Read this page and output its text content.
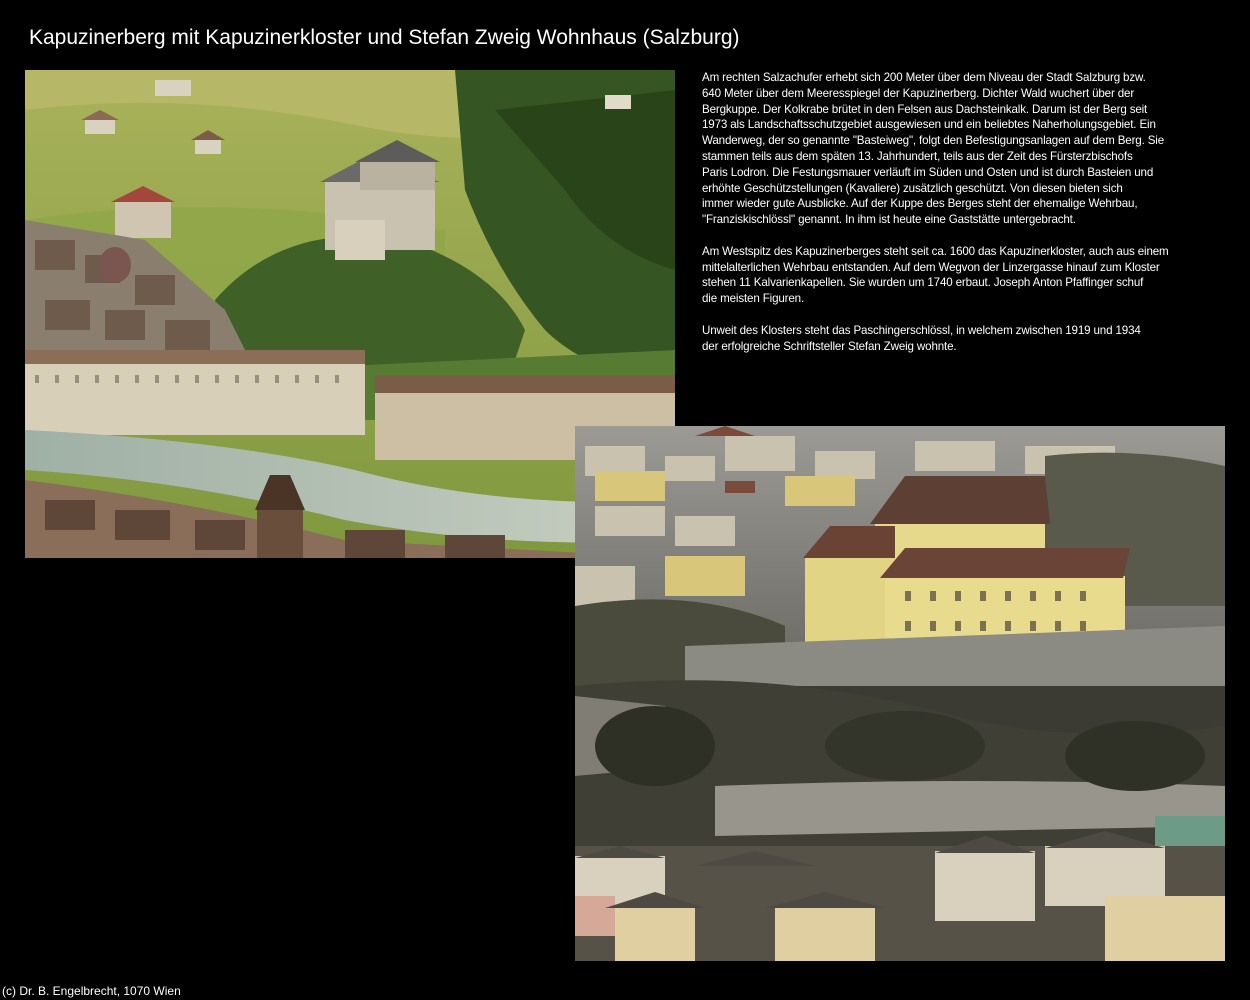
Kapuzinerberg mit Kapuzinerkloster und Stefan Zweig Wohnhaus (Salzburg)

Am rechten Salzachufer erhebt sich 200 Meter über dem Niveau der Stadt Salzburg bzw.
640 Meter über dem Meeresspiegel der Kapuzinerberg. Dichter Wald wuchert über der
Bergkuppe. Der Kolkrabe brütet in den Felsen aus Dachsteinkalk. Darum ist der Berg seit
1973 als Landschaftsschutzgebiet ausgewiesen und ein beliebtes Naherholungsgebiet. Ein
Wanderweg, der so genannte "Basteiweg", folgt den Befestigungsanlagen auf dem Berg. Sie
stammen teils aus dem späten 13. Jahrhundert, teils aus der Zeit des Fürsterzbischofs
Paris Lodron. Die Festungsmauer verläuft im Süden und Osten und ist durch Basteien und
erhöhte Geschützstellungen (Kavaliere) zusätzlich geschützt. Von diesen bieten sich
immer wieder gute Ausblicke. Auf der Kuppe des Berges steht der ehemalige Wehrbau,
"Franziskischlössl" genannt. In ihm ist heute eine Gaststätte untergebracht.

Am Westspitz des Kapuzinerberges steht seit ca. 1600 das Kapuzinerkloster, auch aus einem
mittelalterlichen Wehrbau entstanden. Auf dem Wegvon der Linzergasse hinauf zum Kloster
stehen 11 Kalvarienkapellen. Sie wurden um 1740 erbaut. Joseph Anton Pfaffinger schuf
die meisten Figuren.

Unweit des Klosters steht das Paschingerschlössl, in welchem zwischen 1919 und 1934
der erfolgreiche Schriftsteller Stefan Zweig wohnte.

(c) Dr. B. Engelbrecht, 1070 Wien
